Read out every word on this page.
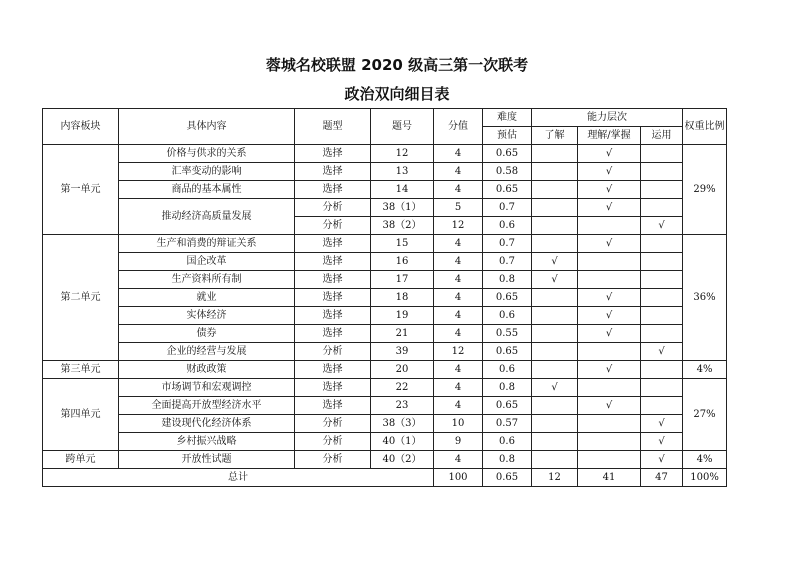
蓉城名校联盟 2020 级高三第一次联考
政治双向细目表
内容板块	具体内容	题型	题号	分值	难度	能力层次			权重比例
					预估	了解	理解/掌握	运用	
第一单元	价格与供求的关系	选择	12	4	0.65		√		29%
	汇率变动的影响	选择	13	4	0.58		√		
	商品的基本属性	选择	14	4	0.65		√		
	推动经济高质量发展	分析	38（1）	5	0.7		√		
		分析	38（2）	12	0.6			√	
第二单元	生产和消费的辩证关系	选择	15	4	0.7		√		36%
	国企改革	选择	16	4	0.7	√			
	生产资料所有制	选择	17	4	0.8	√			
	就业	选择	18	4	0.65		√		
	实体经济	选择	19	4	0.6		√		
	债券	选择	21	4	0.55		√		
	企业的经营与发展	分析	39	12	0.65			√	
第三单元	财政政策	选择	20	4	0.6		√		4%
第四单元	市场调节和宏观调控	选择	22	4	0.8	√			27%
	全面提高开放型经济水平	选择	23	4	0.65		√		
	建设现代化经济体系	分析	38（3）	10	0.57			√	
	乡村振兴战略	分析	40（1）	9	0.6			√	
跨单元	开放性试题	分析	40（2）	4	0.8			√	4%
总计				100	0.65	12	41	47	100%
